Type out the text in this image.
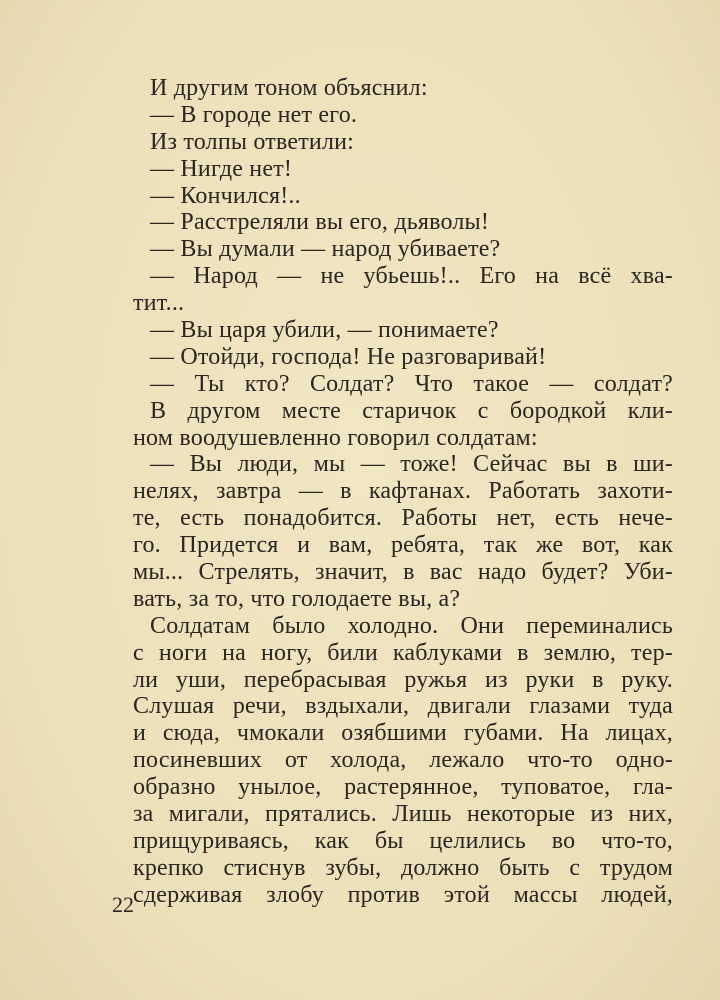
И другим тоном объяснил:
— В городе нет его.
Из толпы ответили:
— Нигде нет!
— Кончился!..
— Расстреляли вы его, дьяволы!
— Вы думали — народ убиваете?
— Народ — не убьешь!.. Его на всё хва-
тит...
— Вы царя убили, — понимаете?
— Отойди, господа! Не разговаривай!
— Ты кто? Солдат? Что такое — солдат?
В другом месте старичок с бородкой кли-
ном воодушевленно говорил солдатам:
— Вы люди, мы — тоже! Сейчас вы в ши-
нелях, завтра — в кафтанах. Работать захоти-
те, есть понадобится. Работы нет, есть нече-
го. Придется и вам, ребята, так же вот, как
мы... Стрелять, значит, в вас надо будет? Уби-
вать, за то, что голодаете вы, а?
Солдатам было холодно. Они переминались
с ноги на ногу, били каблуками в землю, тер-
ли уши, перебрасывая ружья из руки в руку.
Слушая речи, вздыхали, двигали глазами туда
и сюда, чмокали озябшими губами. На лицах,
посиневших от холода, лежало что-то одно-
образно унылое, растерянное, туповатое, гла-
за мигали, прятались. Лишь некоторые из них,
прищуриваясь, как бы целились во что-то,
крепко стиснув зубы, должно быть с трудом
сдерживая злобу против этой массы людей,
22
